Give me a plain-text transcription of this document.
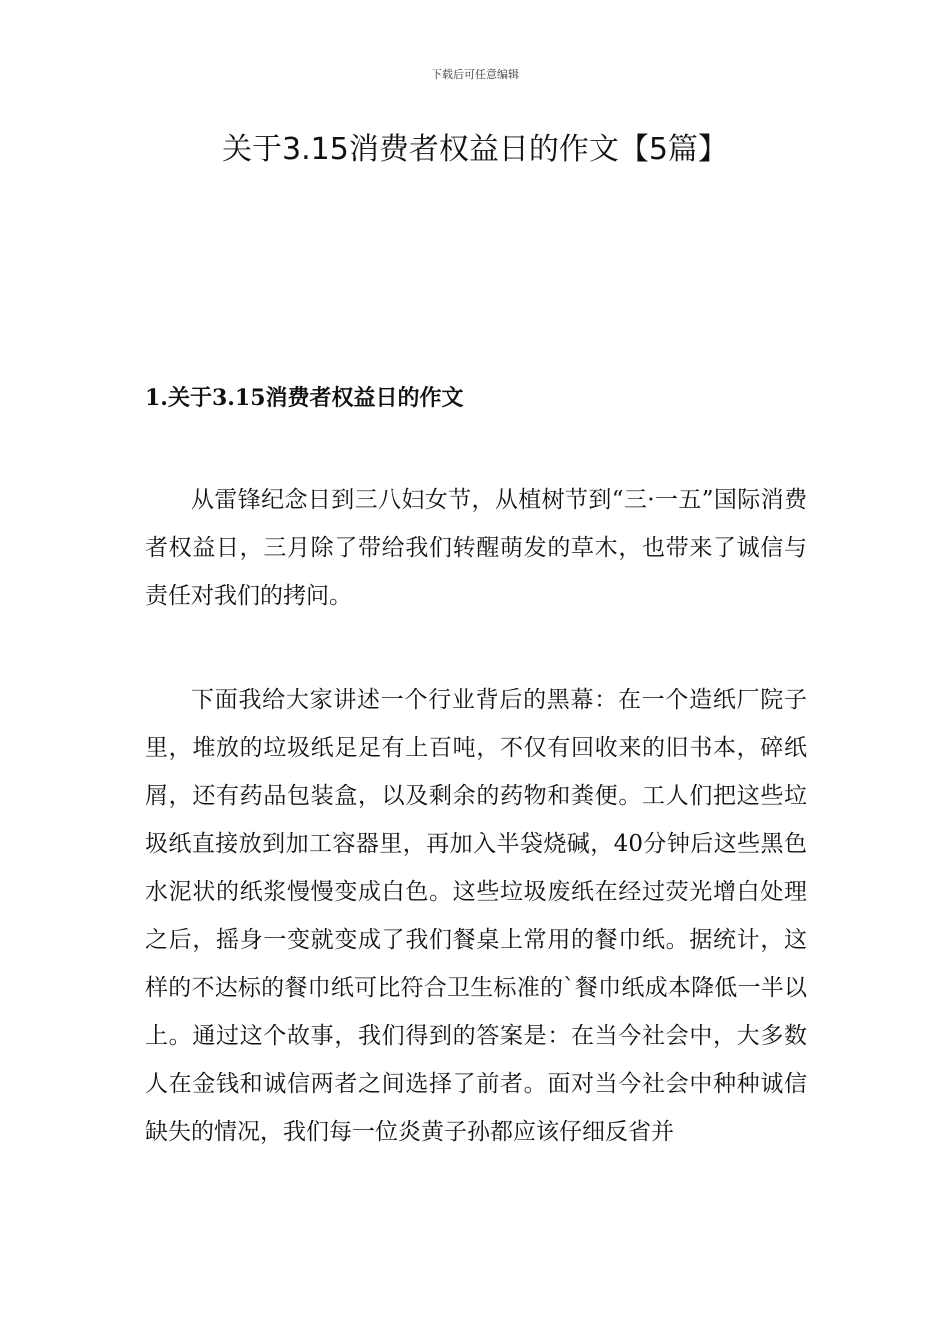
下载后可任意编辑
关于3.15消费者权益日的作文【5篇】
1.关于3.15消费者权益日的作文

从雷锋纪念日到三八妇女节，从植树节到“三·一五”国际消费者权益日，三月除了带给我们转醒萌发的草木，也带来了诚信与责任对我们的拷问。

下面我给大家讲述一个行业背后的黑幕：在一个造纸厂院子里，堆放的垃圾纸足足有上百吨，不仅有回收来的旧书本，碎纸屑，还有药品包装盒，以及剩余的药物和粪便。工人们把这些垃圾纸直接放到加工容器里，再加入半袋烧碱，40分钟后这些黑色水泥状的纸浆慢慢变成白色。这些垃圾废纸在经过荧光增白处理之后，摇身一变就变成了我们餐桌上常用的餐巾纸。据统计，这样的不达标的餐巾纸可比符合卫生标准的`餐巾纸成本降低一半以上。通过这个故事，我们得到的答案是：在当今社会中，大多数人在金钱和诚信两者之间选择了前者。面对当今社会中种种诚信缺失的情况，我们每一位炎黄子孙都应该仔细反省并
